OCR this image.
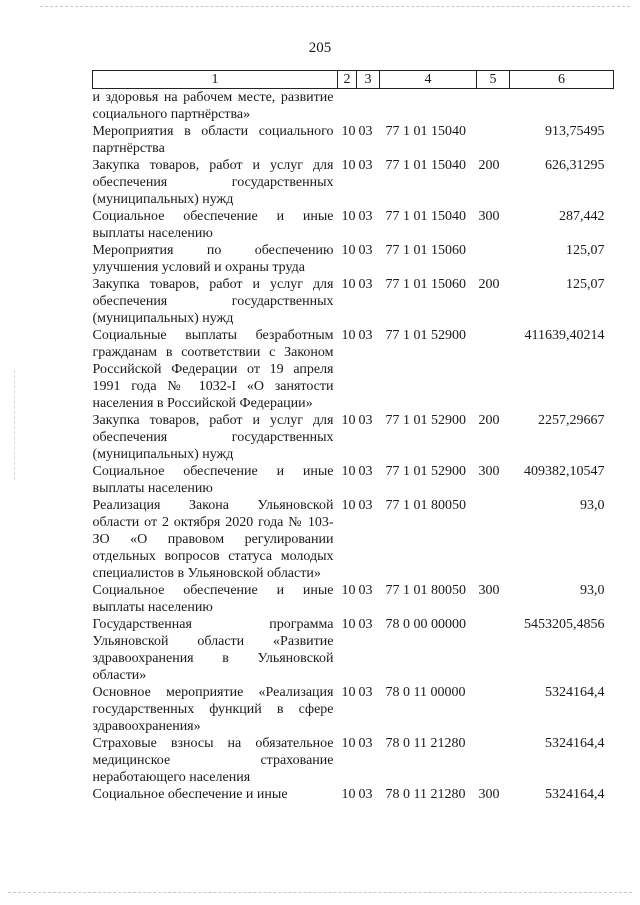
205
1	2	3	4	5	6
и здоровья на рабочем месте, развитие социального партнёрства»					
Мероприятия в области социального партнёрства	10	03	77 1 01 15040		913,75495
Закупка товаров, работ и услуг для обеспечения государственных (муниципальных) нужд	10	03	77 1 01 15040	200	626,31295
Социальное обеспечение и иные выплаты населению	10	03	77 1 01 15040	300	287,442
Мероприятия по обеспечению улучшения условий и охраны труда	10	03	77 1 01 15060		125,07
Закупка товаров, работ и услуг для обеспечения государственных (муниципальных) нужд	10	03	77 1 01 15060	200	125,07
Социальные выплаты безработным гражданам в соответствии с Законом Российской Федерации от 19 апреля 1991 года № 1032-I «О занятости населения в Российской Федерации»	10	03	77 1 01 52900		411639,40214
Закупка товаров, работ и услуг для обеспечения государственных (муниципальных) нужд	10	03	77 1 01 52900	200	2257,29667
Социальное обеспечение и иные выплаты населению	10	03	77 1 01 52900	300	409382,10547
Реализация Закона Ульяновской области от 2 октября 2020 года № 103-ЗО «О правовом регулировании отдельных вопросов статуса молодых специалистов в Ульяновской области»	10	03	77 1 01 80050		93,0
Социальное обеспечение и иные выплаты населению	10	03	77 1 01 80050	300	93,0
Государственная программа Ульяновской области «Развитие здравоохранения в Ульяновской области»	10	03	78 0 00 00000		5453205,4856
Основное мероприятие «Реализация государственных функций в сфере здравоохранения»	10	03	78 0 11 00000		5324164,4
Страховые взносы на обязательное медицинское страхование неработающего населения	10	03	78 0 11 21280		5324164,4
Социальное обеспечение и иные	10	03	78 0 11 21280	300	5324164,4
